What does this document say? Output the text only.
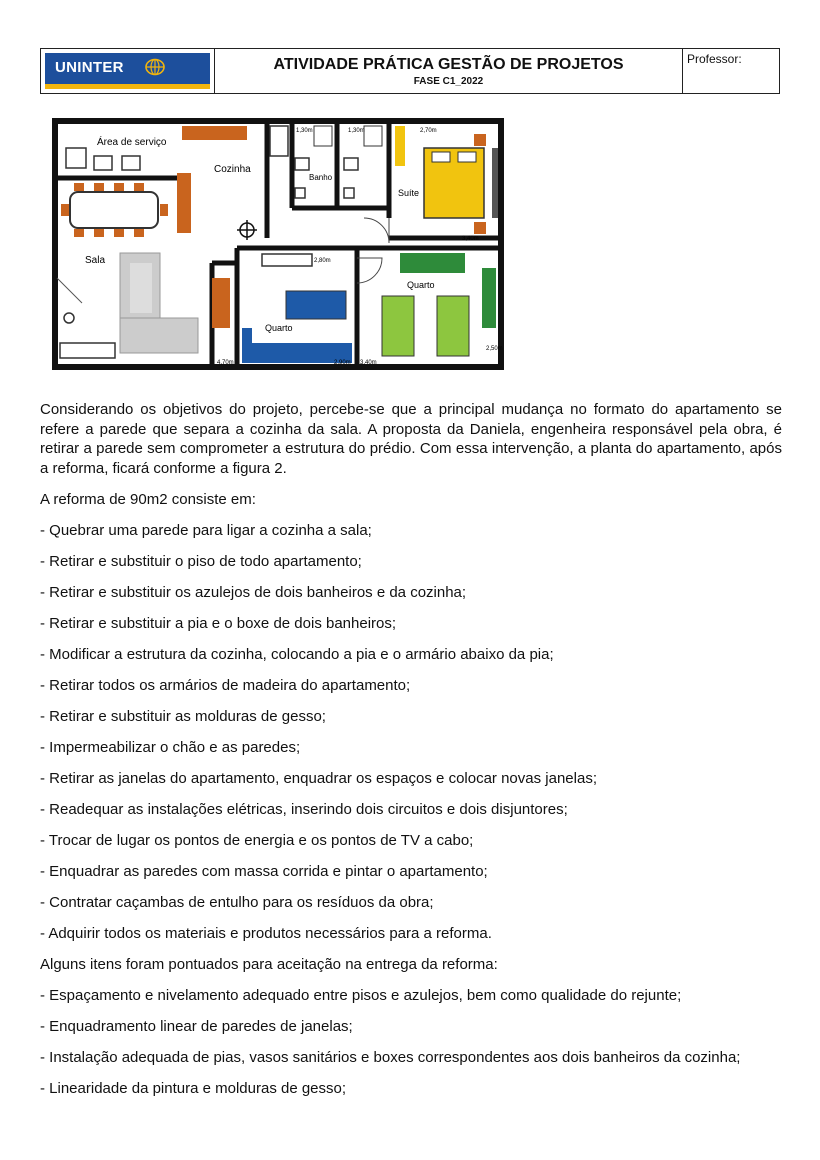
UNINTER	ATIVIDADE PRÁTICA GESTÃO DE PROJETOS
FASE C1_2022
Professor:
Área de serviço
Cozinha
Sala
Banho
1,30m	1,30m
Suíte
2,70m
3,40m
Quarto
2,80m
4,70m	2,90m
Quarto
3,40m
2,50m

Considerando os objetivos do projeto, percebe-se que a principal mudança no formato do apartamento se refere a parede que separa a cozinha da sala. A proposta da Daniela, engenheira responsável pela obra, é retirar a parede sem comprometer a estrutura do prédio. Com essa intervenção, a planta do apartamento, após a reforma, ficará conforme a figura 2.

A reforma de 90m2 consiste em:

- Quebrar uma parede para ligar a cozinha a sala;

- Retirar e substituir o piso de todo apartamento;

- Retirar e substituir os azulejos de dois banheiros e da cozinha;

- Retirar e substituir a pia e o boxe de dois banheiros;

- Modificar a estrutura da cozinha, colocando a pia e o armário abaixo da pia;

- Retirar todos os armários de madeira do apartamento;

- Retirar e substituir as molduras de gesso;

- Impermeabilizar o chão e as paredes;

- Retirar as janelas do apartamento, enquadrar os espaços e colocar novas janelas;

- Readequar as instalações elétricas, inserindo dois circuitos e dois disjuntores;

- Trocar de lugar os pontos de energia e os pontos de TV a cabo;

- Enquadrar as paredes com massa corrida e pintar o apartamento;

- Contratar caçambas de entulho para os resíduos da obra;

- Adquirir todos os materiais e produtos necessários para a reforma.

Alguns itens foram pontuados para aceitação na entrega da reforma:

- Espaçamento e nivelamento adequado entre pisos e azulejos, bem como qualidade do rejunte;

- Enquadramento linear de paredes de janelas;

- Instalação adequada de pias, vasos sanitários e boxes correspondentes aos dois banheiros da cozinha;

- Linearidade da pintura e molduras de gesso;
